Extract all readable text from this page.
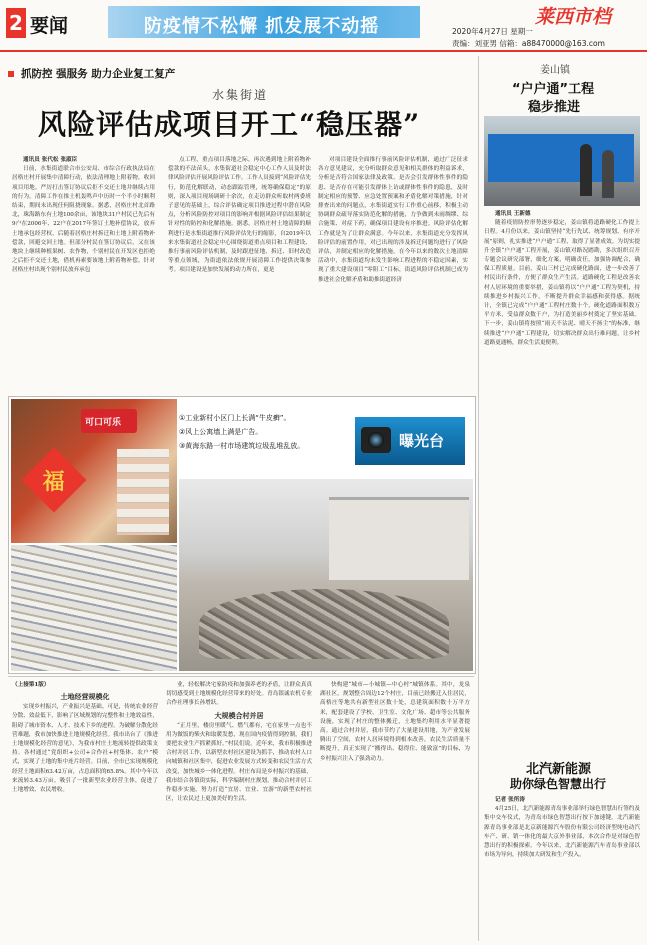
2 要闻	防疫情不松懈 抓发展不动摇	莱西市档
2020年4月27日 星期一
责编：刘亚男 信箱：a88470000@163.com
抓防控 强服务 助力企业复工复产
水集街道
风险评估成项目开工“稳压器”

通讯员 张代松 张淑臣

日前，水集街道联合市公安局、市综合行政执法局在居格庄村开展集中清障行动，依法清理地上附着物，收回项目用地。严厉打击签订协议后拒不交还土地并继续占用的行为。清障工作在推土机轰鸣声中历时一个半小时顺利结束，期间未出现任何阻挠现象。据悉，居格庄村北首路北，珠海路东有土地100余亩，该地块31户村民已先后有9户在2006年、22户在2017年签订土地补偿协议，放弃土地承包经营权，后随着居格庄村拆迁和土地上附着物补偿款，回避交回土地。但部分村民在签订协议后，又在该地块上继续种植果树、农作物，个别村民在开发区也拒绝之后拒不交还土地，借机再索要该地上附着物补偿。针对居格庄村出现个别村民放弃承包

点工程，重点项目落地之际，再次遇到地上附着物补偿款的不法苗头，水集街道社会稳定中心工作人员及时法律风险评估开展风险评估工作。工作人员接到“风险评估先行，防范化解联动，动态跟踪管理，统筹确保稳定”的原则，深入项目现场调研十余次，在走访群众听取村两委班子意见的基础上，综合评估确定项目推进过程中潜在风险点，分析风险防控对项目的影响并根据风险评估结果制定针对性的防控和化解措施。据悉，居格庄村土地清障的顺利进行是水集街道推行风险评估先行的缩影，自2019年以来水集街道社会稳定中心围绕街道重点项目和工程建设、推行事前风险评估机制，及时跟进征地、拆迁、旧村改造等重点领域，为街道依法依规开展清障工作提供决策参考。项目建设是加快发展的动力所在，更是

对项目建设全面推行事前风险评估机制，通过广泛征求各方意见建议，充分听取群众意见和相关群体的利益诉求，分析是否符合国家法律及政策、是否会引发群体性事件的隐患、是否存在可能引发群体上访或群体性事件的隐患，及时制定相应的预警、应急处置预案和矛盾化解对策措施，针对排查出来的问题点，水集街道实行工作重心前移，积极主动协调群众疏导落实防范化解的措施，力争做到未雨绸缪、综合施策、对症下药，确保项目建设有序推进。风险评估化解工作就是为了让群众满意。今年以来，水集街道充分发挥风险评估的前置作用，对已出现的涉及拆迁问题均进行了风险评估，并制定相应的化解措施。在今年以来的数次土地清障活动中，水集街道均未发生影响工程进程的不稳定因素，实现了重大建设项目“零阻工”目标，街道风险评估机制已成为推进社会化解矛盾和助推街道经济

可口可乐
福
①工业新村小区门上长满“牛皮癣”。
②风上公寓墙上满是广告。
③黄海东路一村市场建筑垃圾乱堆乱放。	曝光台
姜山镇
“户户通”工程
稳步推进

通讯员 王新德

随着疫情防控形势逐步稳定，姜山镇将道路硬化工作提上日程。4月份以来，姜山镇坚持“先行先试、统筹规划、有序开展”原则，扎实推进“户户通”工程，取得了显著成效。为切实提升全镇“户户通”工程开展，姜山镇对路况踏勘，多次组织召开专题会议研究部署，细化方案，明确责任，加强协调配合，确保工程质量。目前，姜山三村已完成硬化路面，进一步改善了村民出行条件，方便了群众生产生活。道路硬化工程是改善农村人居环境的重要举措，姜山镇将以“户户通”工程为契机，持续推进乡村振兴工作，不断提升群众幸福感和获得感。据统计，全镇已完成“户户通”工程村庄数十个，硬化道路面积数万平方米，受益群众数千户，为打造美丽乡村奠定了坚实基础。下一步，姜山镇将按照“雨天不沾泥、晴天不扬尘”的标准，继续推进“户户通”工程建设，切实解决群众出行难问题，让乡村道路更通畅，群众生活更便利。

北汽新能源
助你绿色智慧出行

记者 张所涛

4月25日，北汽新能源青岛事业部举行绿色智慧出行签约及集中交车仪式，为青岛市绿色智慧出行按下加速键。北汽新能源青岛事业部是北京新能源汽车股份有限公司经济型纯电动汽车产、研、销一体化的最大京外事业部，本次合作是对绿色智慧出行的积极探索。今年以来，北汽新能源汽车青岛事业部以市场为导向，持续加大研发和生产投入。

（上接第1版）

土地经营规模化

实现乡村振兴，产业振兴是基础。可是，传统农业经营分散、效益低下，影响了区域规划的完整性和土地效益性，阻碍了城市资本、人才、技术下乡的进程。为破解分散化经营难题，我市加快推进土地规模化经营。我市出台了《推进土地规模化经营的意见》，为我市村庄土地流转提供政策支持。各村通过“党组织+公司+合作社+村集体、农户”模式，实现了土地的集中连片经营。目前，全市已实现规模化经营土地面积63.42万亩，占总面积的65.8%。其中今年以来流转3.43万亩。吸引了一批新型农业经营主体，促进了土地增效、农民增收。

业，轻松解决宅家防疫和加强养老的矛盾，让群众真真切切感受到土地规模化经营带来的好处。青岛银诚农机专业合作社理事长孙增跃。

大规模合村并居

“正月里，楼房里暖气、燃气都有，宅在家里一点也不用为做饭的柴火和取暖发愁，现在国内疫情得到控制，我们要把农业生产抓紧抓好。”村民们说。近年来，我市积极推进合村并居工作，以新型农村社区建设为抓手，推动农村人口向城镇和社区集中，促进农业发展方式转变和农民生活方式改变，加快城乡一体化进程。村庄布局是乡村振兴的基础，我市结合各镇街实际，科学编制村庄规划，推动合村并居工作稳步实施，努力打造“宜居、宜业、宜游”的新型农村社区，让农民过上更加美好的生活。

快构建“城市—小城镇—中心村”城镇体系。其中，龙泉湖社区，规划整合周边12个村庄，目前已经搬迁入住居民，高格庄等地共有新型社区数十处，总建筑面积数十万平方米，配套建设了学校、卫生室、文化广场、超市等公共服务设施，实现了村庄的整体搬迁，土地集约利用水平显著提高。通过合村并居，我市节约了大量建设用地，为产业发展腾出了空间，农村人居环境得到根本改善，农民生活质量不断提升，真正实现了“搬得出、稳得住、能致富”的目标，为乡村振兴注入了强劲动力。
